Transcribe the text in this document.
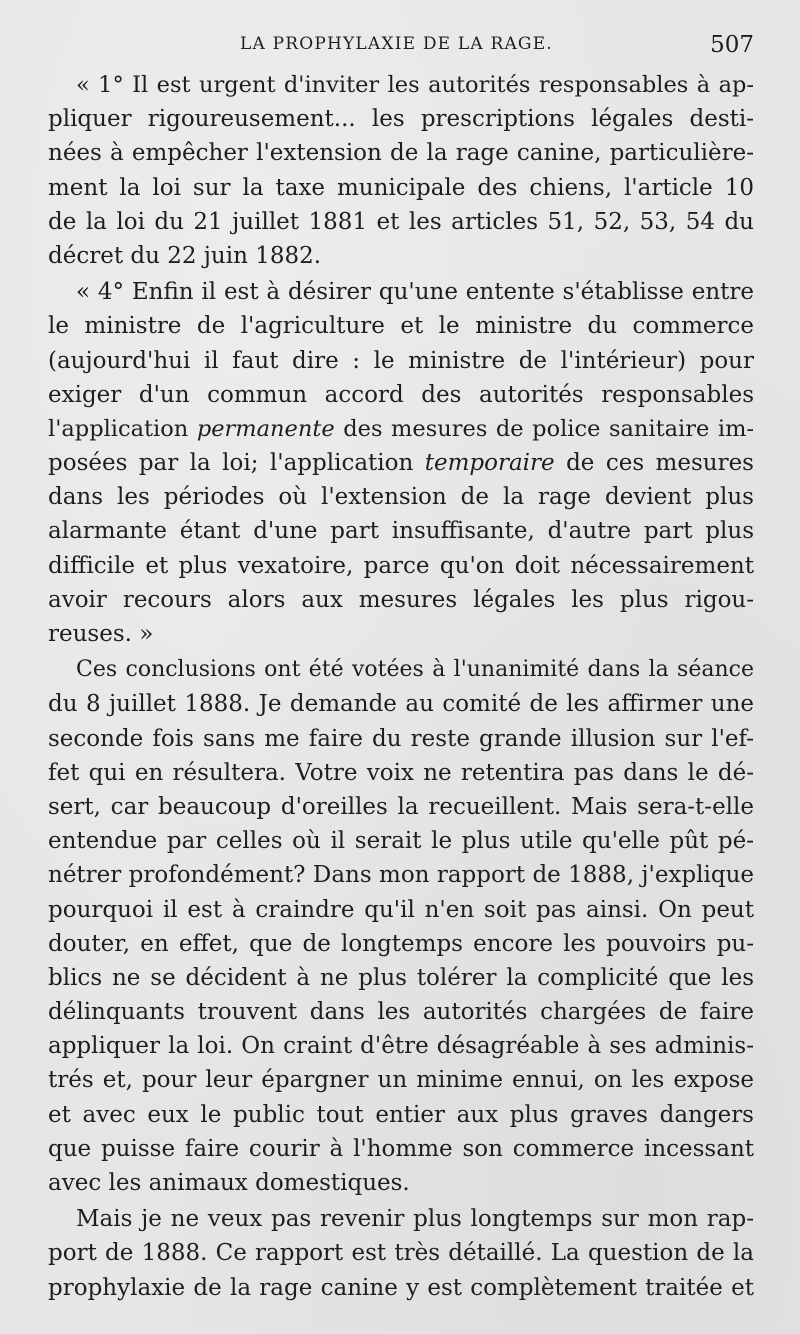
LA PROPHYLAXIE DE LA RAGE.	507
« 1° Il est urgent d'inviter les autorités responsables à ap-
pliquer rigoureusement... les prescriptions légales desti-
nées à empêcher l'extension de la rage canine, particulière-
ment la loi sur la taxe municipale des chiens, l'article 10
de la loi du 21 juillet 1881 et les articles 51, 52, 53, 54 du
décret du 22 juin 1882.
« 4° Enfin il est à désirer qu'une entente s'établisse entre
le ministre de l'agriculture et le ministre du commerce
(aujourd'hui il faut dire : le ministre de l'intérieur) pour
exiger d'un commun accord des autorités responsables
l'application permanente des mesures de police sanitaire im-
posées par la loi; l'application temporaire de ces mesures
dans les périodes où l'extension de la rage devient plus
alarmante étant d'une part insuffisante, d'autre part plus
difficile et plus vexatoire, parce qu'on doit nécessairement
avoir recours alors aux mesures légales les plus rigou-
reuses. »
Ces conclusions ont été votées à l'unanimité dans la séance
du 8 juillet 1888. Je demande au comité de les affirmer une
seconde fois sans me faire du reste grande illusion sur l'ef-
fet qui en résultera. Votre voix ne retentira pas dans le dé-
sert, car beaucoup d'oreilles la recueillent. Mais sera-t-elle
entendue par celles où il serait le plus utile qu'elle pût pé-
nétrer profondément? Dans mon rapport de 1888, j'explique
pourquoi il est à craindre qu'il n'en soit pas ainsi. On peut
douter, en effet, que de longtemps encore les pouvoirs pu-
blics ne se décident à ne plus tolérer la complicité que les
délinquants trouvent dans les autorités chargées de faire
appliquer la loi. On craint d'être désagréable à ses adminis-
trés et, pour leur épargner un minime ennui, on les expose
et avec eux le public tout entier aux plus graves dangers
que puisse faire courir à l'homme son commerce incessant
avec les animaux domestiques.
Mais je ne veux pas revenir plus longtemps sur mon rap-
port de 1888. Ce rapport est très détaillé. La question de la
prophylaxie de la rage canine y est complètement traitée et
